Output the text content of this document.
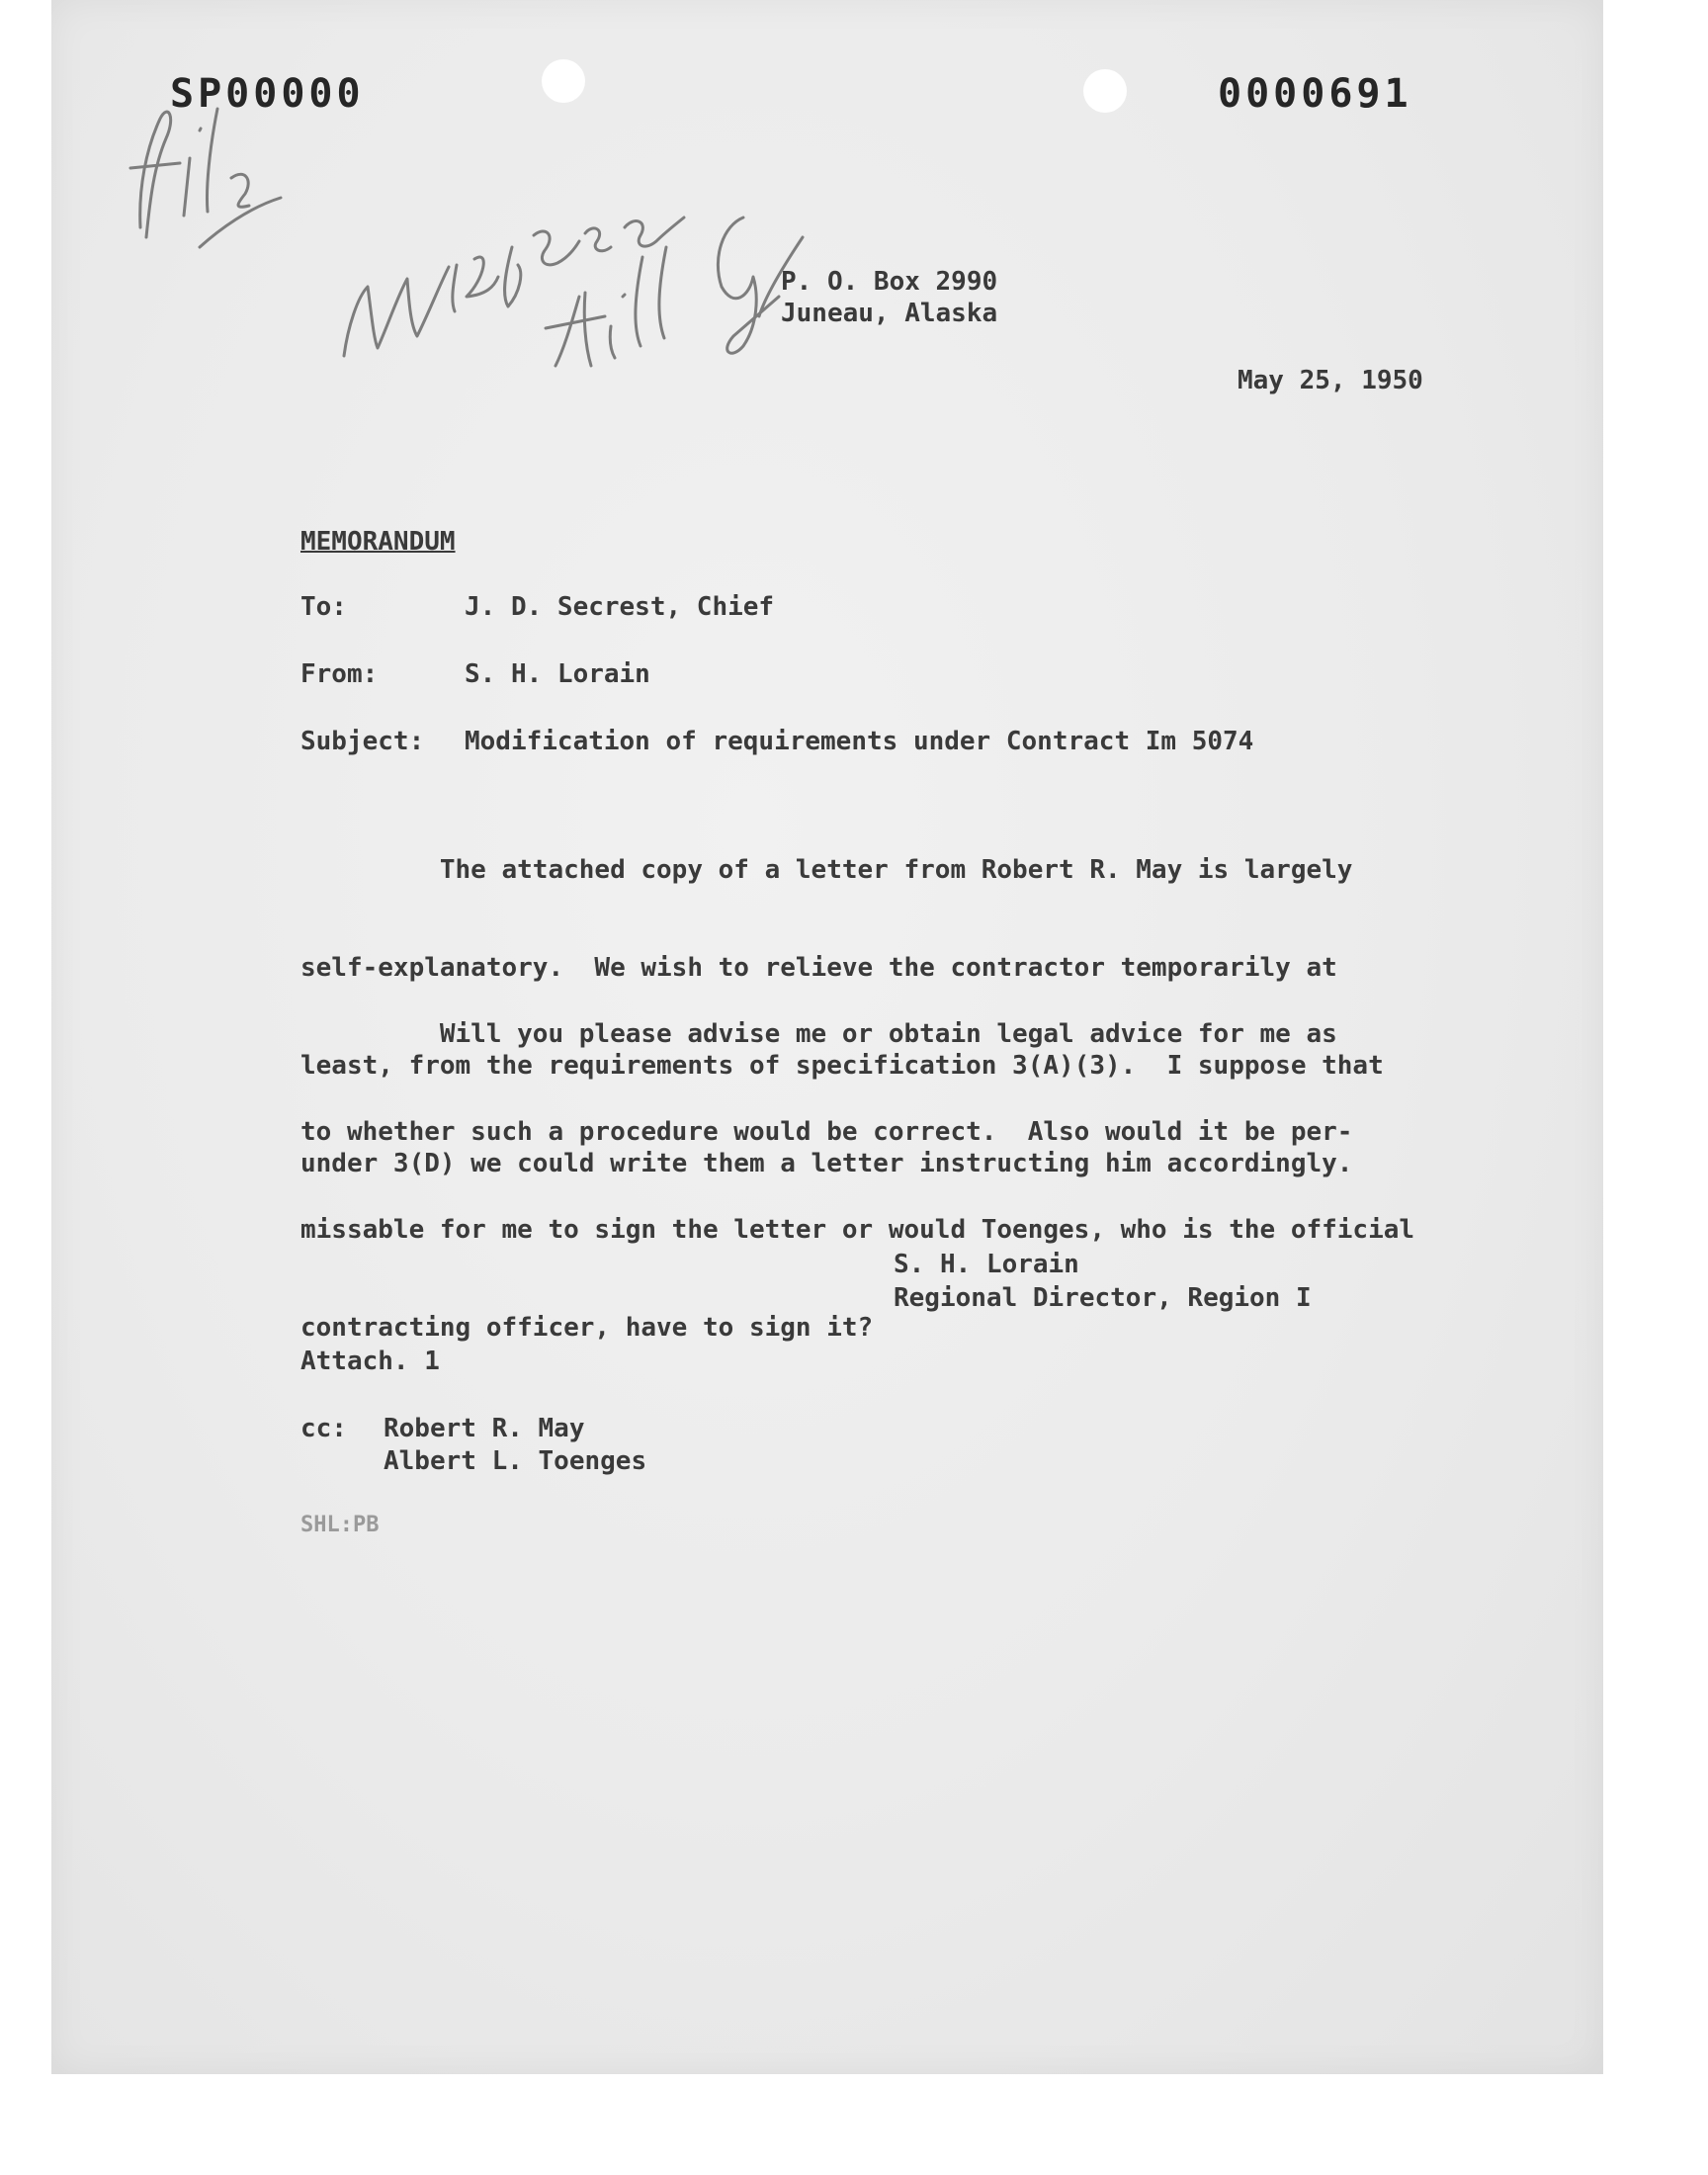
SP00000	0000691
P. O. Box 2990
Juneau, Alaska
May 25, 1950
MEMORANDUM
To:	J. D. Secrest, Chief
From:	S. H. Lorain
Subject: Modification of requirements under Contract Im 5074

The attached copy of a letter from Robert R. May is largely

self-explanatory.  We wish to relieve the contractor temporarily at

least, from the requirements of specification 3(A)(3).  I suppose that

under 3(D) we could write them a letter instructing him accordingly.

Will you please advise me or obtain legal advice for me as

to whether such a procedure would be correct.  Also would it be per-

missable for me to sign the letter or would Toenges, who is the official

contracting officer, have to sign it?

S. H. Lorain
Regional Director, Region I
Attach. 1
cc: Robert R. May
Albert L. Toenges
SHL:PB
